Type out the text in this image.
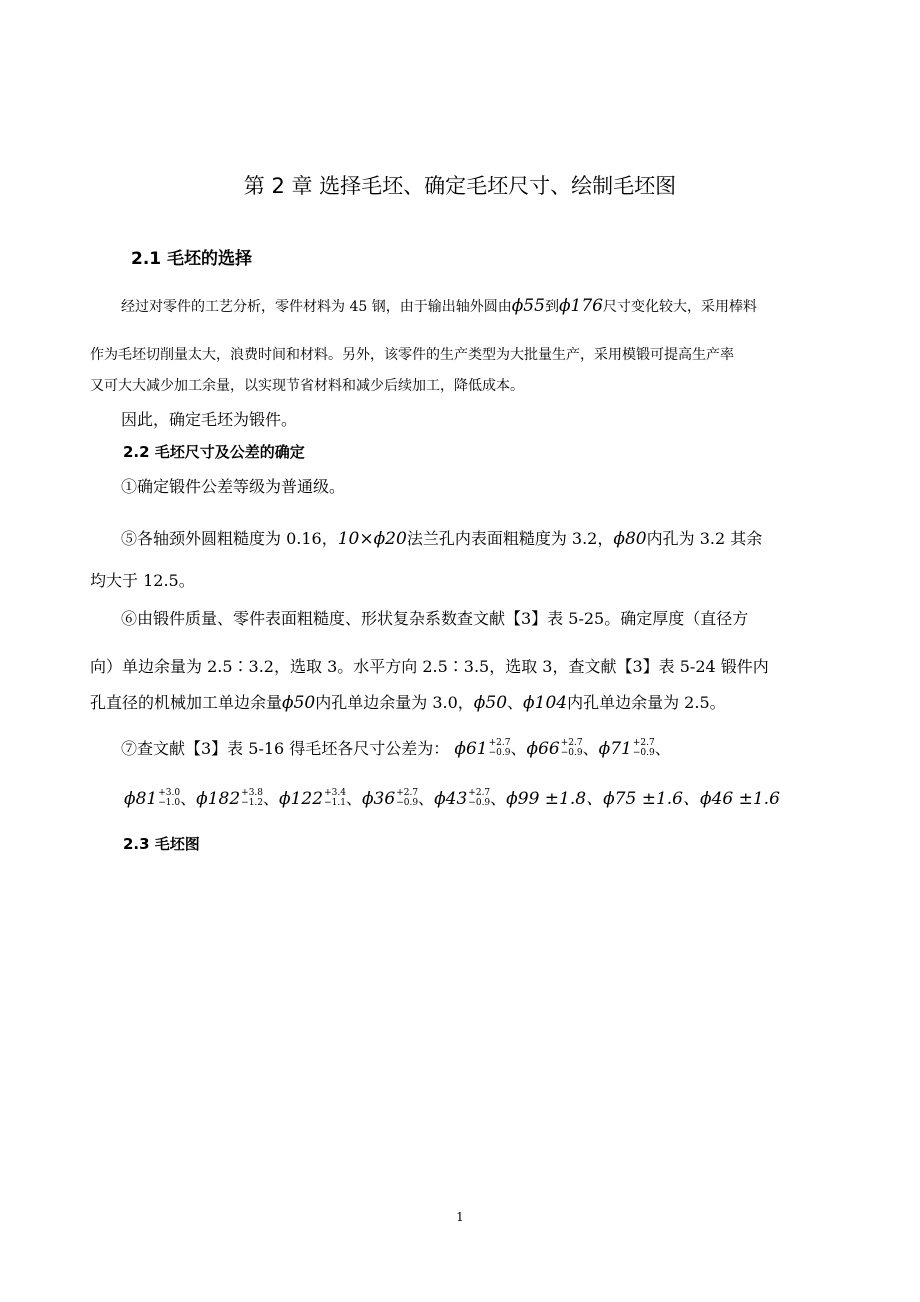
第 2 章 选择毛坯、确定毛坯尺寸、绘制毛坯图
2.1 毛坯的选择
经过对零件的工艺分析，零件材料为 45 钢，由于输出轴外圆由ϕ55到ϕ176尺寸变化较大，采用棒料
作为毛坯切削量太大，浪费时间和材料。另外，该零件的生产类型为大批量生产，采用模锻可提高生产率
又可大大减少加工余量，以实现节省材料和减少后续加工，降低成本。
因此，确定毛坯为锻件。
2.2 毛坯尺寸及公差的确定
①确定锻件公差等级为普通级。
⑤各轴颈外圆粗糙度为 0.16，10×ϕ20法兰孔内表面粗糙度为 3.2，ϕ80内孔为 3.2 其余
均大于 12.5。
⑥由锻件质量、零件表面粗糙度、形状复杂系数查文献【3】表 5-25。确定厚度（直径方
向）单边余量为 2.5∶3.2，选取 3。水平方向 2.5∶3.5，选取 3，查文献【3】表 5-24 锻件内
孔直径的机械加工单边余量ϕ50内孔单边余量为 3.0，ϕ50、ϕ104内孔单边余量为 2.5。
⑦查文献【3】表 5-16 得毛坯各尺寸公差为： ϕ61 +2.7
−0.9 、ϕ66 +2.7
−0.9 、ϕ71 +2.7
−0.9 、
ϕ81 +3.0
−1.0 、ϕ182 +3.8
−1.2 、ϕ122 +3.4
−1.1 、ϕ36 +2.7
−0.9 、ϕ43 +2.7
−0.9 、ϕ99 ±1.8、ϕ75 ±1.6、ϕ46 ±1.6
2.3 毛坯图
1
